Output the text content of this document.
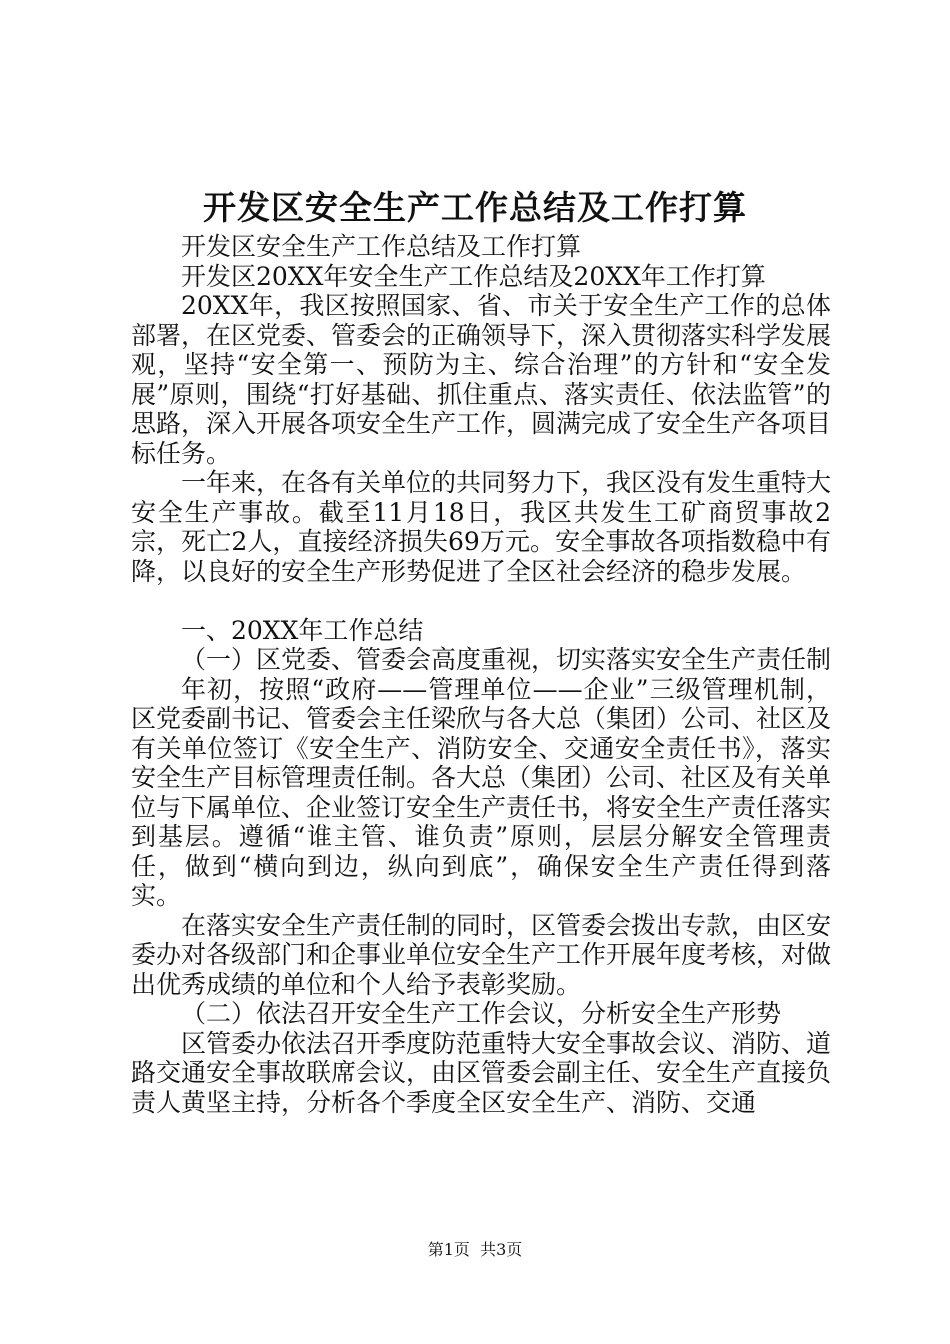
开发区安全生产工作总结及工作打算

开发区安全生产工作总结及工作打算

开发区20XX年安全生产工作总结及20XX年工作打算

20XX年，我区按照国家、省、市关于安全生产工作的总体部署，在区党委、管委会的正确领导下，深入贯彻落实科学发展观，坚持“安全第一、预防为主、综合治理”的方针和“安全发展”原则，围绕“打好基础、抓住重点、落实责任、依法监管”的思路，深入开展各项安全生产工作，圆满完成了安全生产各项目标任务。

一年来，在各有关单位的共同努力下，我区没有发生重特大安全生产事故。截至11月18日，我区共发生工矿商贸事故2宗，死亡2人，直接经济损失69万元。安全事故各项指数稳中有降，以良好的安全生产形势促进了全区社会经济的稳步发展。

一、20XX年工作总结

（一）区党委、管委会高度重视，切实落实安全生产责任制

年初，按照“政府——管理单位——企业”三级管理机制，区党委副书记、管委会主任梁欣与各大总（集团）公司、社区及有关单位签订《安全生产、消防安全、交通安全责任书》，落实安全生产目标管理责任制。各大总（集团）公司、社区及有关单位与下属单位、企业签订安全生产责任书，将安全生产责任落实到基层。遵循“谁主管、谁负责”原则，层层分解安全管理责任，做到“横向到边，纵向到底”，确保安全生产责任得到落实。

在落实安全生产责任制的同时，区管委会拨出专款，由区安委办对各级部门和企事业单位安全生产工作开展年度考核，对做出优秀成绩的单位和个人给予表彰奖励。

（二）依法召开安全生产工作会议，分析安全生产形势

区管委办依法召开季度防范重特大安全事故会议、消防、道路交通安全事故联席会议，由区管委会副主任、安全生产直接负责人黄坚主持，分析各个季度全区安全生产、消防、交通

第1页  共3页
